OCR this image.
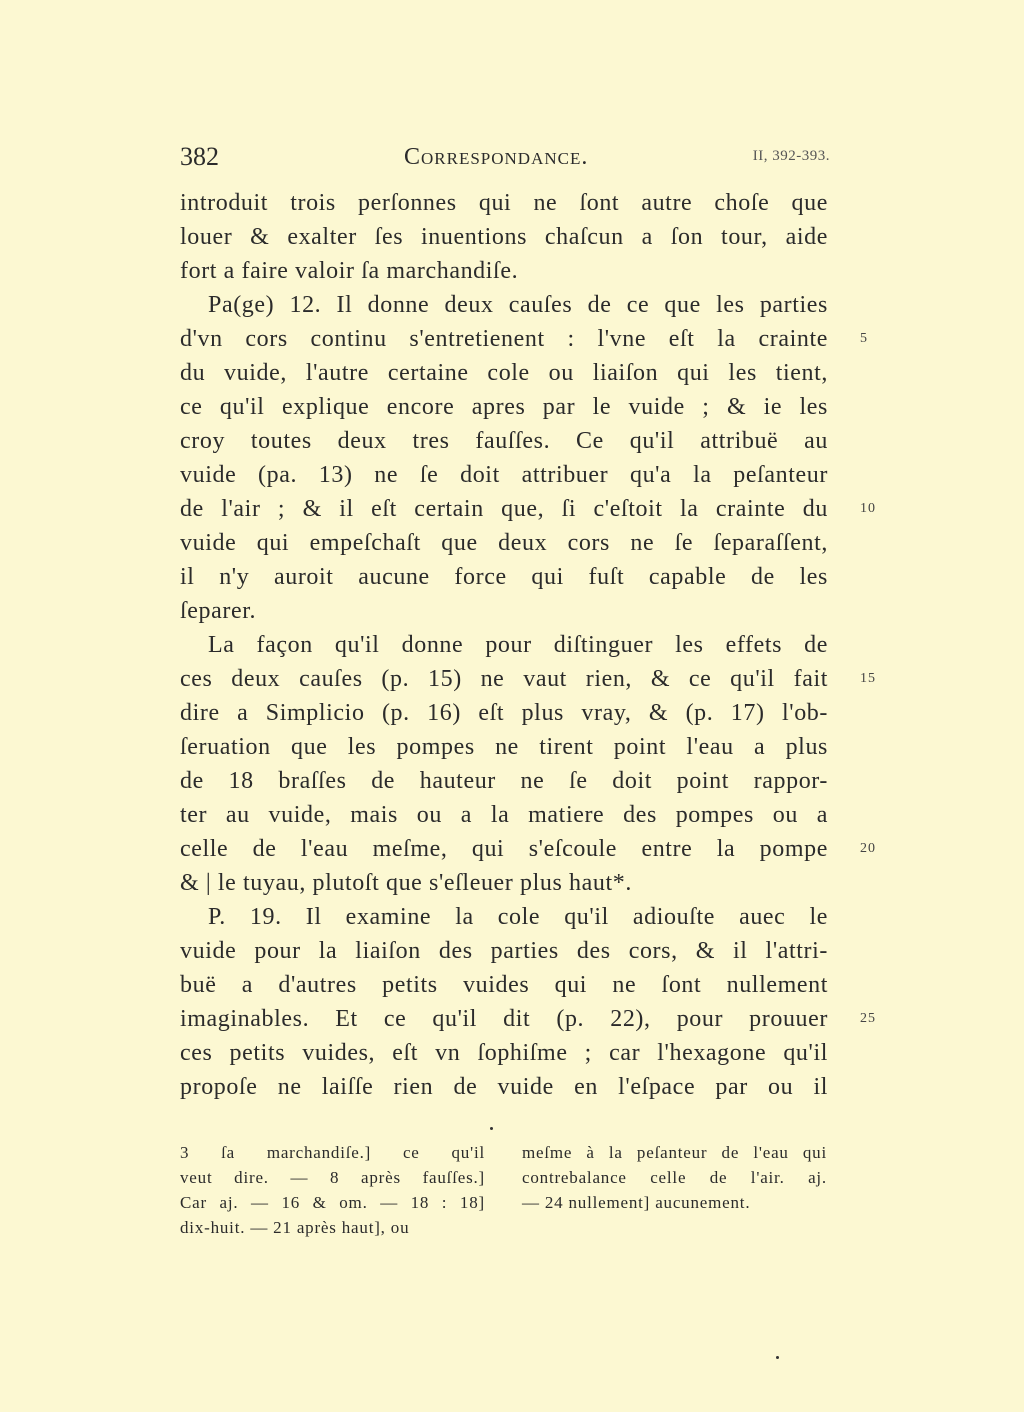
382	Correspondance.	II, 392-393.
introduit trois perſonnes qui ne ſont autre choſe que
louer & exalter ſes inuentions chaſcun a ſon tour, aide
fort a faire valoir ſa marchandiſe.
Pa(ge) 12. Il donne deux cauſes de ce que les parties
d'vn cors continu s'entretienent : l'vne eſt la crainte 5
du vuide, l'autre certaine cole ou liaiſon qui les tient,
ce qu'il explique encore apres par le vuide ; & ie les
croy toutes deux tres fauſſes. Ce qu'il attribuë au
vuide (pa. 13) ne ſe doit attribuer qu'a la peſanteur
de l'air ; & il eſt certain que, ſi c'eſtoit la crainte du 10
vuide qui empeſchaſt que deux cors ne ſe ſeparaſſent,
il n'y auroit aucune force qui fuſt capable de les
ſeparer.
La façon qu'il donne pour diſtinguer les effets de
ces deux cauſes (p. 15) ne vaut rien, & ce qu'il fait 15
dire a Simplicio (p. 16) eſt plus vray, & (p. 17) l'ob-
ſeruation que les pompes ne tirent point l'eau a plus
de 18 braſſes de hauteur ne ſe doit point rappor-
ter au vuide, mais ou a la matiere des pompes ou a
celle de l'eau meſme, qui s'eſcoule entre la pompe 20
& | le tuyau, plutoſt que s'eſleuer plus haut*.
P. 19. Il examine la cole qu'il adiouſte auec le
vuide pour la liaiſon des parties des cors, & il l'attri-
buë a d'autres petits vuides qui ne ſont nullement
imaginables. Et ce qu'il dit (p. 22), pour prouuer 25
ces petits vuides, eſt vn ſophiſme ; car l'hexagone qu'il
propoſe ne laiſſe rien de vuide en l'eſpace par ou il
3 ſa marchandiſe.] ce qu'il
veut dire. — 8 après fauſſes.]
Car aj. — 16 & om. — 18 : 18]
dix-huit. — 21 après haut], ou
meſme à la peſanteur de l'eau qui
contrebalance celle de l'air. aj.
— 24 nullement] aucunement.
